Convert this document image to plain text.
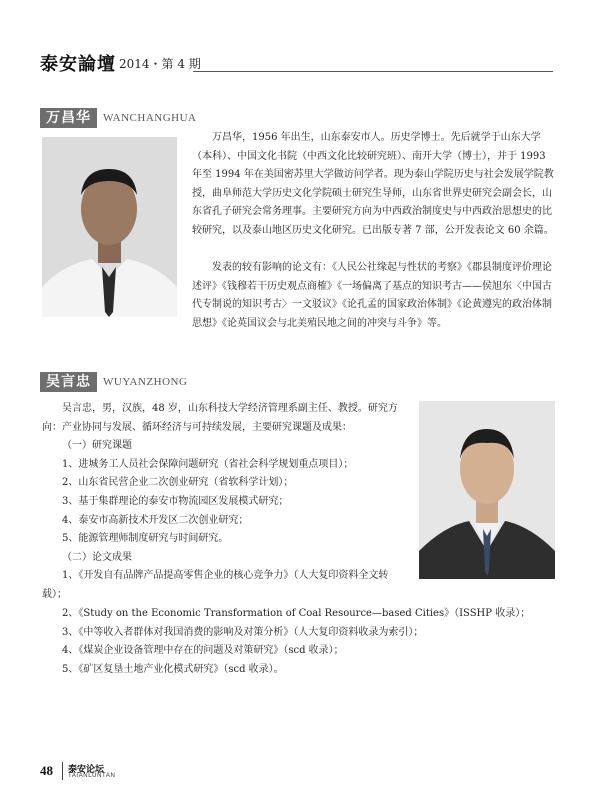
泰安論壇 2014・第 4 期
万昌华	WANCHANGHUA

万昌华，1956 年出生，山东泰安市人。历史学博士。先后就学于山东大学（本科）、中国文化书院（中西文化比较研究班）、南开大学（博士），并于 1993 年至 1994 年在美国密苏里大学做访问学者。现为泰山学院历史与社会发展学院教授，曲阜师范大学历史文化学院硕士研究生导师，山东省世界史研究会副会长，山东省孔子研究会常务理事。主要研究方向为中西政治制度史与中西政治思想史的比较研究，以及泰山地区历史文化研究。已出版专著 7 部，公开发表论文 60 余篇。

发表的较有影响的论文有：《人民公社缘起与性状的考察》《郡县制度评价理论述评》《钱穆若干历史观点商榷》《一场偏离了基点的知识考古——侯旭东〈中国古代专制说的知识考古〉一文驳议》《论孔孟的国家政治体制》《论黄遵宪的政治体制思想》《论英国议会与北美殖民地之间的冲突与斗争》等。

吴言忠	WUYANZHONG

吴言忠，男，汉族，48 岁，山东科技大学经济管理系副主任、教授。研究方向：产业协同与发展、循环经济与可持续发展，主要研究课题及成果：

（一）研究课题

1、进城务工人员社会保障问题研究（省社会科学规划重点项目）；

2、山东省民营企业二次创业研究（省软科学计划）；

3、基于集群理论的泰安市物流园区发展模式研究；

4、泰安市高新技术开发区二次创业研究；

5、能源管理师制度研究与时间研究。

（二）论文成果

1、《开发自有品牌产品提高零售企业的核心竞争力》（人大复印资料全文转载）；

2、《Study on the Economic Transformation of Coal Resource—based Cities》（ISSHP 收录）；

3、《中等收入者群体对我国消费的影响及对策分析》（人大复印资料收录为索引）；

4、《煤炭企业设备管理中存在的问题及对策研究》（scd 收录）；

5、《矿区复垦土地产业化模式研究》（scd 收录）。

48 泰安论坛
TAIANLUNTAN
